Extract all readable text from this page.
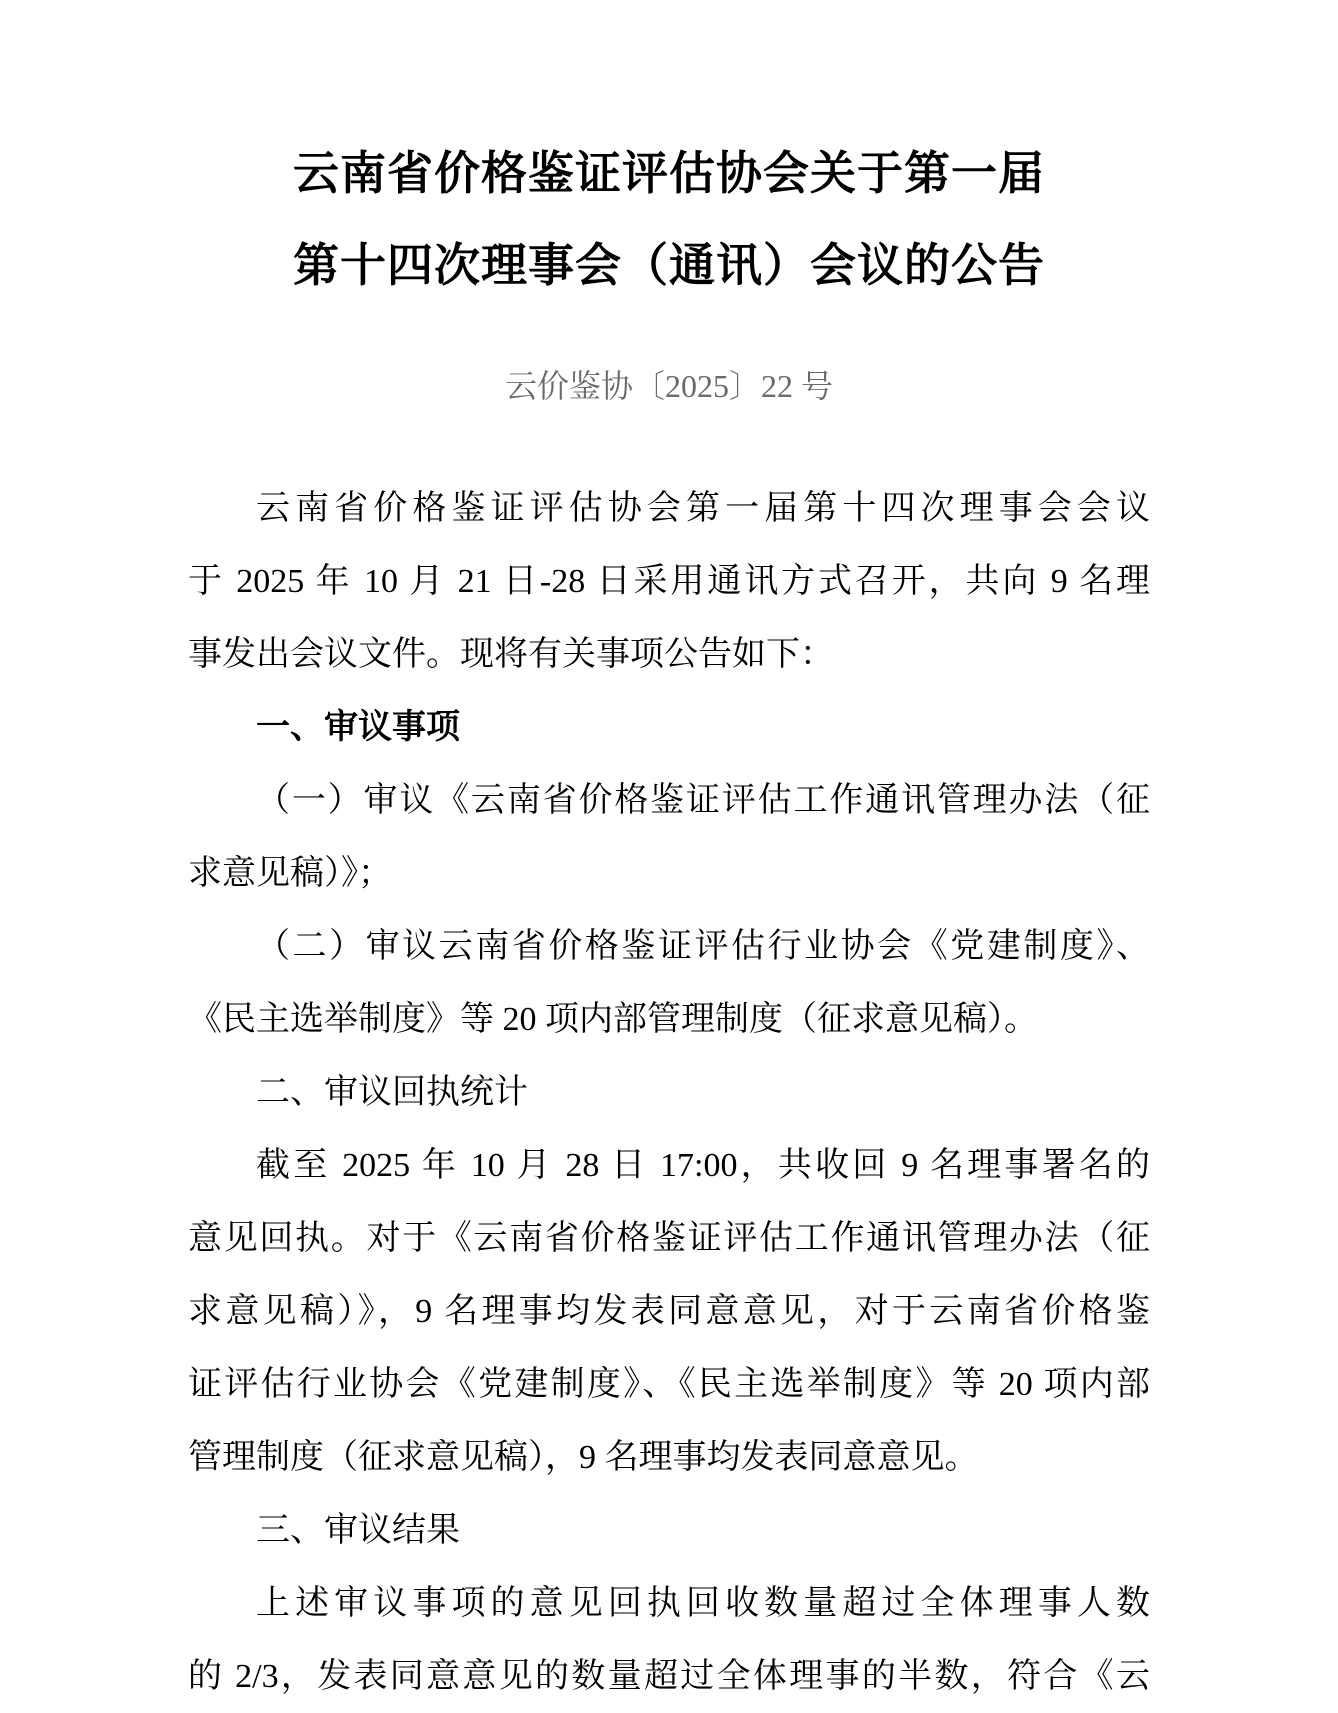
云南省价格鉴证评估协会关于第一届
第十四次理事会（通讯）会议的公告
云价鉴协〔2025〕22 号
云南省价格鉴证评估协会第一届第十四次理事会会议
于 2025 年 10 月 21 日-28 日采用通讯方式召开，共向 9 名理
事发出会议文件。现将有关事项公告如下：
一、审议事项
（一）审议《云南省价格鉴证评估工作通讯管理办法（征
求意见稿）》；
（二）审议云南省价格鉴证评估行业协会《党建制度》、
《民主选举制度》等 20 项内部管理制度（征求意见稿）。
二、审议回执统计
截至 2025 年 10 月 28 日 17:00，共收回 9 名理事署名的
意见回执。对于《云南省价格鉴证评估工作通讯管理办法（征
求意见稿）》，9 名理事均发表同意意见，对于云南省价格鉴
证评估行业协会《党建制度》、《民主选举制度》等 20 项内部
管理制度（征求意见稿），9 名理事均发表同意意见。
三、审议结果
上述审议事项的意见回执回收数量超过全体理事人数
的 2/3，发表同意意见的数量超过全体理事的半数，符合《云
